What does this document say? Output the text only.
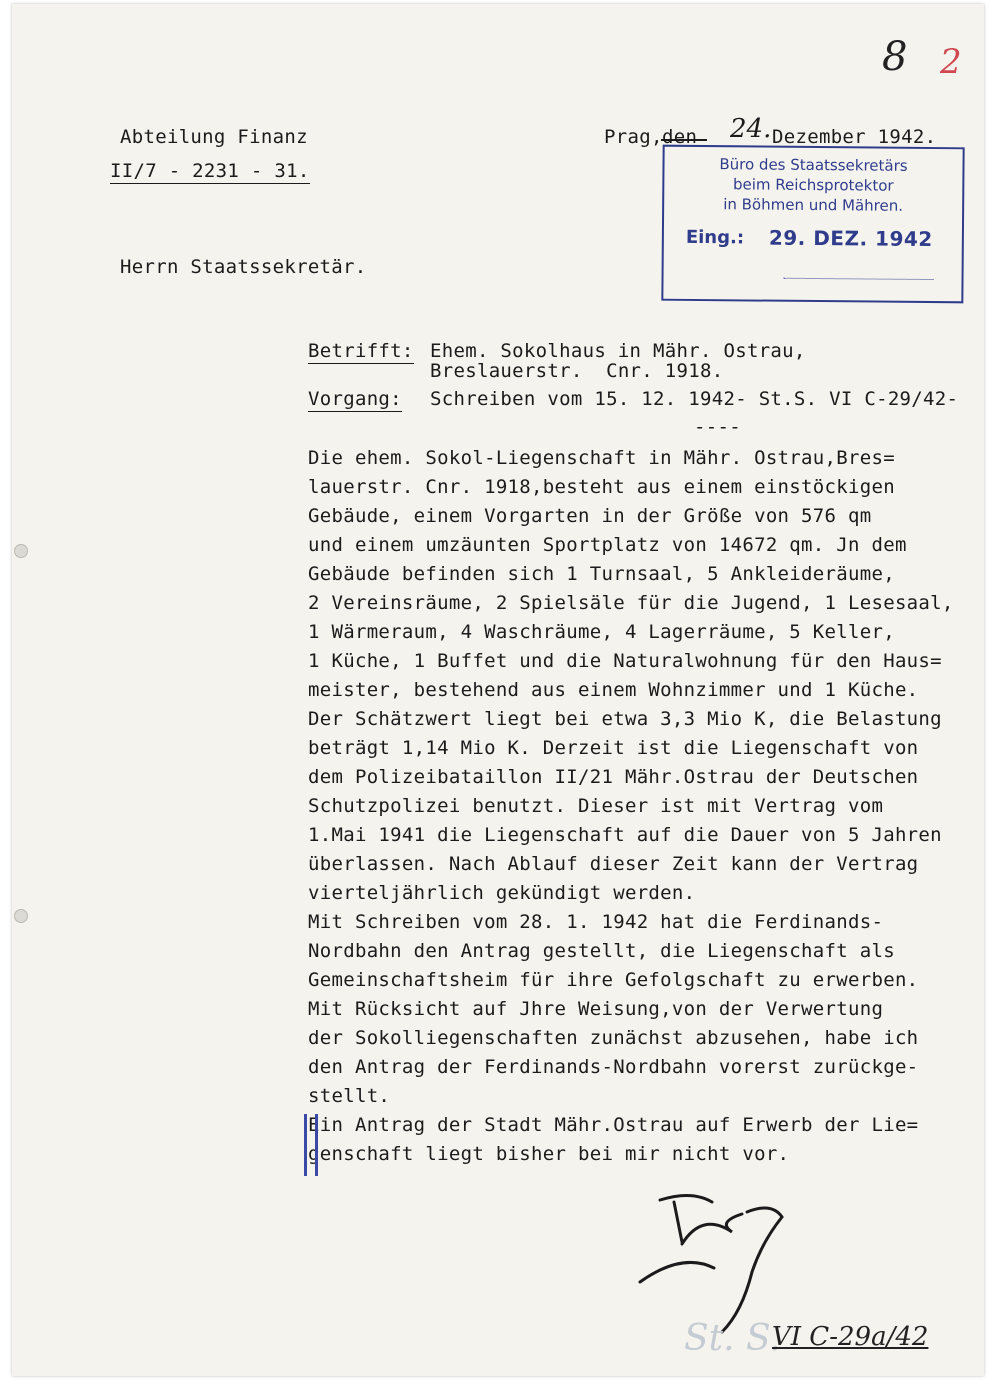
8 2
Abteilung Finanz
II/7 - 2231 - 31.
Prag, den 24. Dezember 1942.
Büro des Staatssekretärs
beim Reichsprotektor
in Böhmen und Mähren.
Eing.: 29. DEZ. 1942
Herrn Staatssekretär.
Betrifft: Ehem. Sokolhaus in Mähr. Ostrau,
Breslauerstr.  Cnr. 1918.
Vorgang: Schreiben vom 15. 12. 1942- St.S. VI C-29/42-
----
Die ehem. Sokol-Liegenschaft in Mähr. Ostrau,Bres=
lauerstr. Cnr. 1918,besteht aus einem einstöckigen
Gebäude, einem Vorgarten in der Größe von 576 qm
und einem umzäunten Sportplatz von 14672 qm. Jn dem
Gebäude befinden sich 1 Turnsaal, 5 Ankleideräume,
2 Vereinsräume, 2 Spielsäle für die Jugend, 1 Lesesaal,
1 Wärmeraum, 4 Waschräume, 4 Lagerräume, 5 Keller,
1 Küche, 1 Buffet und die Naturalwohnung für den Haus=
meister, bestehend aus einem Wohnzimmer und 1 Küche.
Der Schätzwert liegt bei etwa 3,3 Mio K, die Belastung
beträgt 1,14 Mio K. Derzeit ist die Liegenschaft von
dem Polizeibataillon II/21 Mähr.Ostrau der Deutschen
Schutzpolizei benutzt. Dieser ist mit Vertrag vom
1.Mai 1941 die Liegenschaft auf die Dauer von 5 Jahren
überlassen. Nach Ablauf dieser Zeit kann der Vertrag
vierteljährlich gekündigt werden.
Mit Schreiben vom 28. 1. 1942 hat die Ferdinands-
Nordbahn den Antrag gestellt, die Liegenschaft als
Gemeinschaftsheim für ihre Gefolgschaft zu erwerben.
Mit Rücksicht auf Jhre Weisung,von der Verwertung
der Sokolliegenschaften zunächst abzusehen, habe ich
den Antrag der Ferdinands-Nordbahn vorerst zurückge-
stellt.
Ein Antrag der Stadt Mähr.Ostrau auf Erwerb der Lie=
genschaft liegt bisher bei mir nicht vor.
St. S.
VI C-29a/42
